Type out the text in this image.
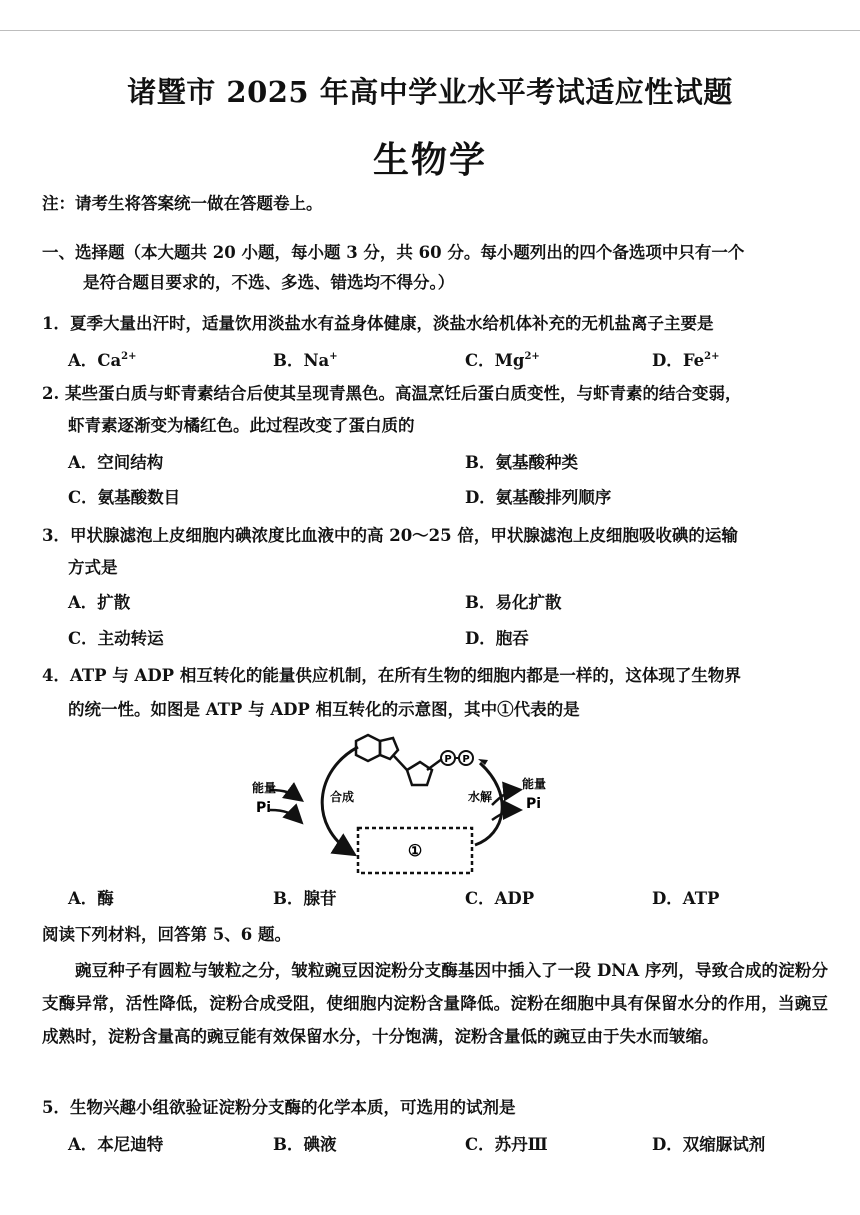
诸暨市 2025 年高中学业水平考试适应性试题
生物学
注：请考生将答案统一做在答题卷上。
一、选择题（本大题共 20 小题，每小题 3 分，共 60 分。每小题列出的四个备选项中只有一个
是符合题目要求的，不选、多选、错选均不得分。）
1．夏季大量出汗时，适量饮用淡盐水有益身体健康，淡盐水给机体补充的无机盐离子主要是
A．$Ca^{2+}$	B．Na+	C．$Mg^{2+}$	D．$Fe^{2+}$
2. 某些蛋白质与虾青素结合后使其呈现青黑色。高温烹饪后蛋白质变性，与虾青素的结合变弱，
虾青素逐渐变为橘红色。此过程改变了蛋白质的
A．空间结构	B．氨基酸种类
C．氨基酸数目	D．氨基酸排列顺序
3．甲状腺滤泡上皮细胞内碘浓度比血液中的高 20～25 倍，甲状腺滤泡上皮细胞吸收碘的运输
方式是
A．扩散	B．易化扩散
C．主动转运	D．胞吞
4．ATP 与 ADP 相互转化的能量供应机制，在所有生物的细胞内都是一样的，这体现了生物界
的统一性。如图是 ATP 与 ADP 相互转化的示意图，其中①代表的是
P P
能量
Pi
合成	水解
能量
Pi
①
A．酶	B．腺苷	C．ADP	D．ATP
阅读下列材料，回答第 5、6 题。
豌豆种子有圆粒与皱粒之分，皱粒豌豆因淀粉分支酶基因中插入了一段 DNA 序列，导致合成的淀粉分支酶异常，活性降低，淀粉合成受阻，使细胞内淀粉含量降低。淀粉在细胞中具有保留水分的作用，当豌豆成熟时，淀粉含量高的豌豆能有效保留水分，十分饱满，淀粉含量低的豌豆由于失水而皱缩。
5．生物兴趣小组欲验证淀粉分支酶的化学本质，可选用的试剂是
A．本尼迪特	B．碘液	C．苏丹Ⅲ	D．双缩脲试剂
